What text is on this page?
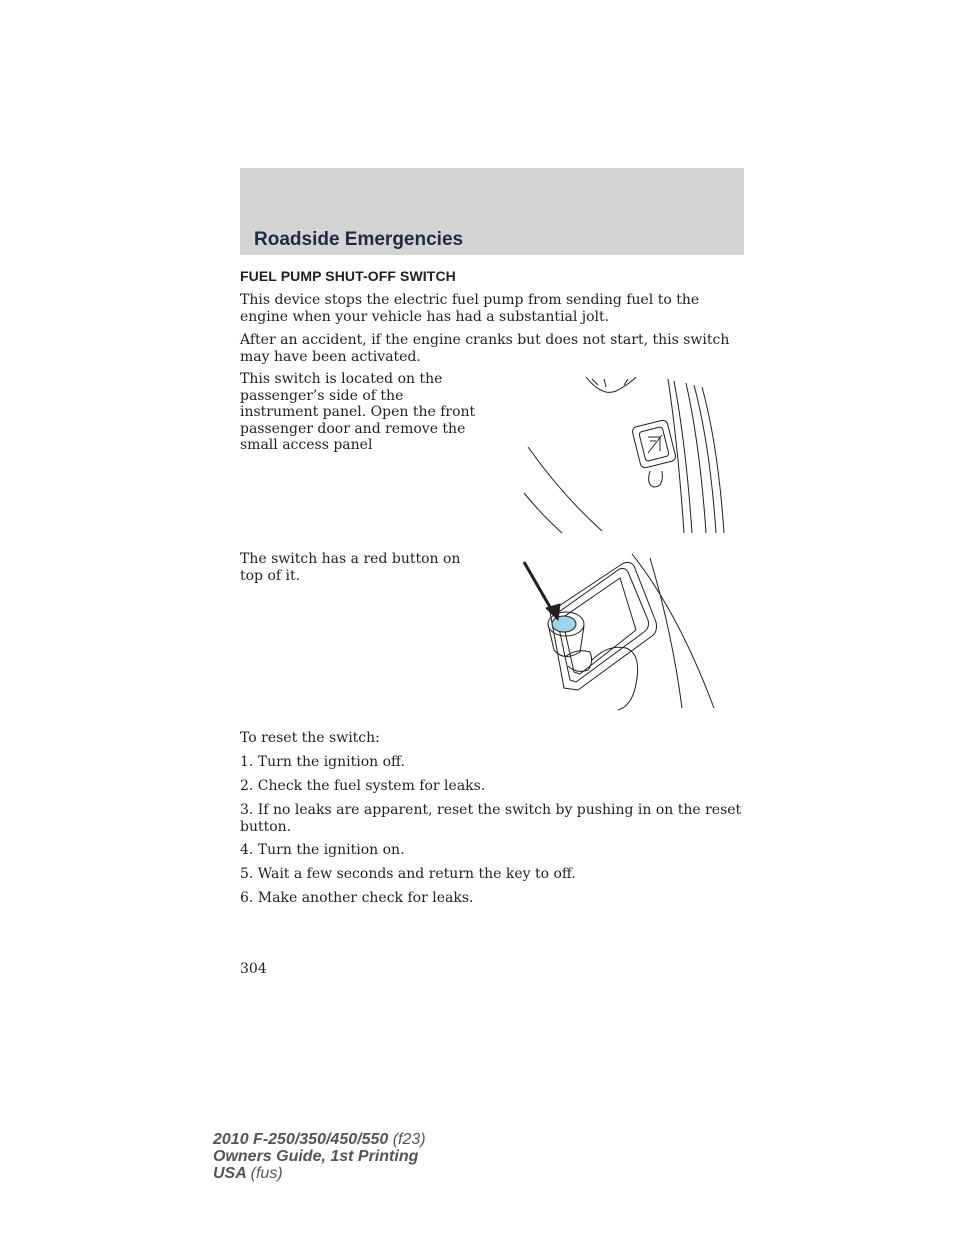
Roadside Emergencies
FUEL PUMP SHUT-OFF SWITCH

This device stops the electric fuel pump from sending fuel to the engine when your vehicle has had a substantial jolt.

After an accident, if the engine cranks but does not start, this switch may have been activated.

This switch is located on the passenger’s side of the instrument panel. Open the front passenger door and remove the small access panel

The switch has a red button on top of it.

To reset the switch:

1. Turn the ignition off.

2. Check the fuel system for leaks.

3. If no leaks are apparent, reset the switch by pushing in on the reset button.

4. Turn the ignition on.

5. Wait a few seconds and return the key to off.

6. Make another check for leaks.

304

2010 F-250/350/450/550 (f23)
Owners Guide, 1st Printing
USA (fus)
